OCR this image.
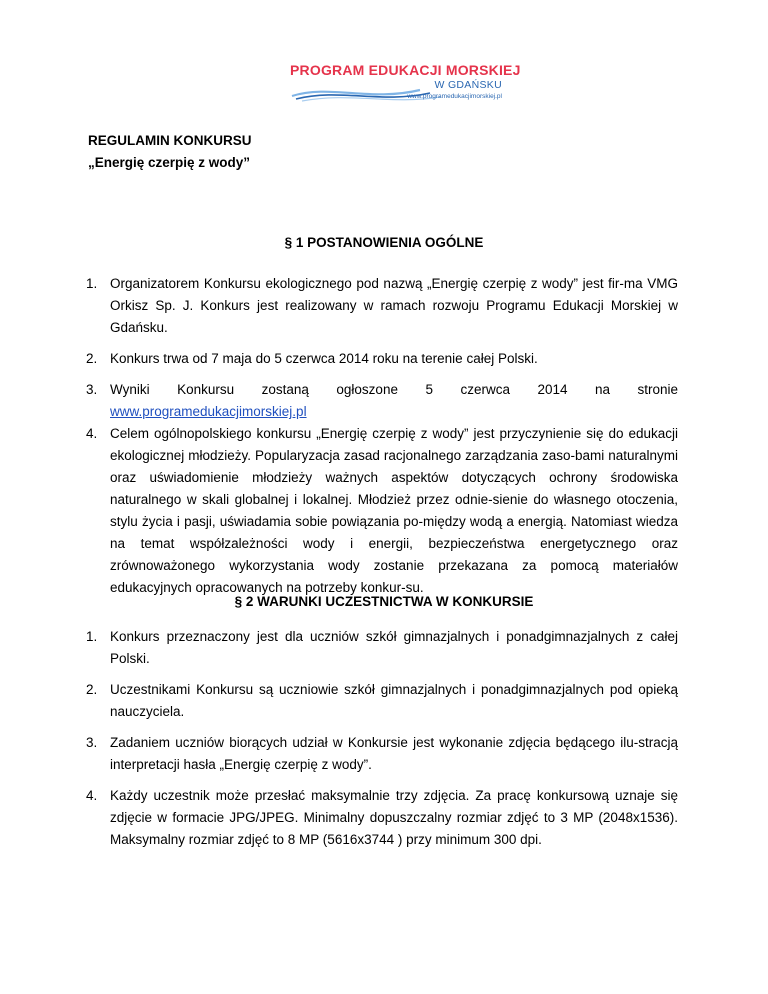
PROGRAM EDUKACJI MORSKIEJ
W GDAŃSKU
www.programedukacjimorskiej.pl
REGULAMIN KONKURSU
„Energię czerpię z wody”
§ 1 POSTANOWIENIA OGÓLNE
1. Organizatorem Konkursu ekologicznego pod nazwą „Energię czerpię z wody” jest fir-ma VMG Orkisz Sp. J. Konkurs jest realizowany w ramach rozwoju Programu Edukacji Morskiej w Gdańsku.
2. Konkurs trwa od 7 maja do 5 czerwca 2014 roku na terenie całej Polski.
3. Wyniki Konkursu zostaną ogłoszone 5 czerwca 2014 na stronie
www.programedukacjimorskiej.pl
4. Celem ogólnopolskiego konkursu „Energię czerpię z wody” jest przyczynienie się do edukacji ekologicznej młodzieży. Popularyzacja zasad racjonalnego zarządzania zaso-bami naturalnymi oraz uświadomienie młodzieży ważnych aspektów dotyczących ochrony środowiska naturalnego w skali globalnej i lokalnej. Młodzież przez odnie-sienie do własnego otoczenia, stylu życia i pasji, uświadamia sobie powiązania po-między wodą a energią. Natomiast wiedza na temat współzależności wody i energii, bezpieczeństwa energetycznego oraz zrównoważonego wykorzystania wody zostanie przekazana za pomocą materiałów edukacyjnych opracowanych na potrzeby konkur-su.
§ 2 WARUNKI UCZESTNICTWA W KONKURSIE
1. Konkurs przeznaczony jest dla uczniów szkół gimnazjalnych i ponadgimnazjalnych z całej Polski.
2. Uczestnikami Konkursu są uczniowie szkół gimnazjalnych i ponadgimnazjalnych pod opieką nauczyciela.
3. Zadaniem uczniów biorących udział w Konkursie jest wykonanie zdjęcia będącego ilu-stracją interpretacji hasła „Energię czerpię z wody”.
4. Każdy uczestnik może przesłać maksymalnie trzy zdjęcia. Za pracę konkursową uznaje się zdjęcie w formacie JPG/JPEG. Minimalny dopuszczalny rozmiar zdjęć to 3 MP (2048x1536). Maksymalny rozmiar zdjęć to 8 MP (5616x3744 ) przy minimum 300 dpi.
